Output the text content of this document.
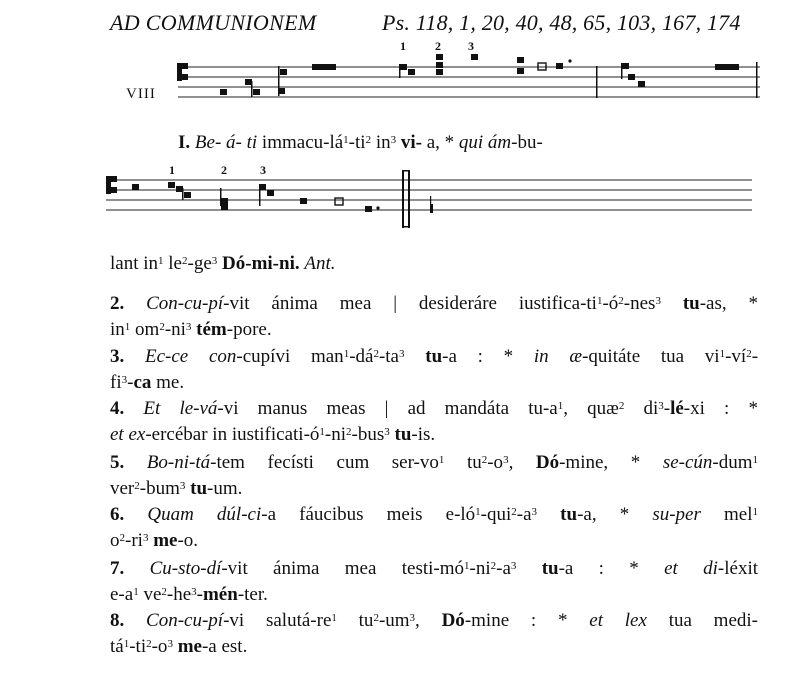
AD COMMUNIONEM	Ps. 118, 1, 20, 40, 48, 65, 103, 167, 174
1 2 3
VIII
I. Be- á- ti immacu-$lá^1-ti^2$ $in^3$ vi- a, * qui ám-bu-
1	2	3
lant $in^1$ $le^2-ge^3$ Dó-mi-ni. Ant.
2. Con-cu-pí-vit ánima mea | desideráre iustifica-$ti^1-ó^2-nes^3$ tu-as, *
$in^1$ $om^2-ni^3$ tém-pore.
3. Ec-ce con-cupívi $man^1-dá^2-ta^3$ tu-a : * in æ-quitáte tua $vi^1-ví^2-$
$fi^3-ca$ me.
4. Et le-vá-vi manus meas | ad mandáta $tu-a^1$, quæ$^2$ $di^3-lé-xi$ : *
et ex-ercébar in iustificati-$ó^1-ni^2-bus^3$ tu-is.
5. Bo-ni-tá-tem fecísti cum ser-$vo^1$ $tu^2-o^3$, Dó-mine, * se-cún-dum$^1$
ver$^2$-bum$^3$ tu-um.
6. Quam dúl-ci-a fáucibus meis $e-ló^1-qui^2-a^3$ tu-a, * su-per mel$^1$
$o^2-ri^3$ me-o.
7. Cu-sto-dí-vit ánima mea testi-$mó^1-ni^2-a^3$ tu-a : * et di-léxit
$e-a^1$ $ve^2-he^3-mén$-ter.
8. Con-cu-pí-vi salutá-$re^1$ $tu^2-um^3$, Dó-mine : * et lex tua medi-
$tá^1-ti^2-o^3$ me-a est.
